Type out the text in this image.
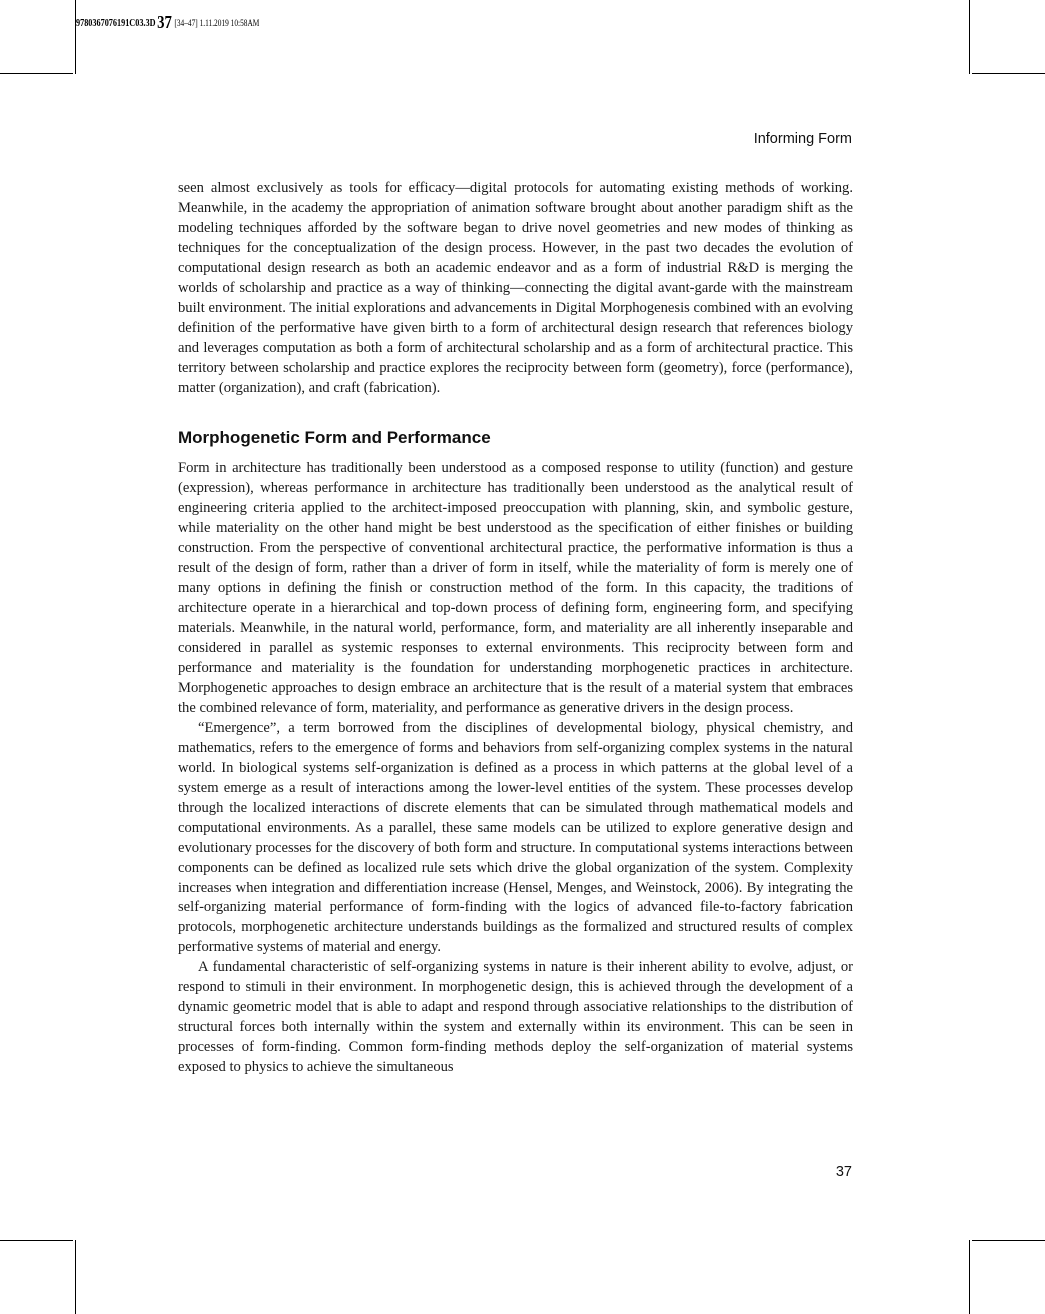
9780367076191C03.3D37 [34–47] 1.11.2019 10:58AM
Informing Form

seen almost exclusively as tools for efficacy—digital protocols for automating existing methods of working. Meanwhile, in the academy the appropriation of animation software brought about another paradigm shift as the modeling techniques afforded by the software began to drive novel geometries and new modes of thinking as techniques for the conceptualization of the design process. However, in the past two decades the evolution of computational design research as both an academic endeavor and as a form of industrial R&D is merging the worlds of scholarship and practice as a way of thinking—connecting the digital avant-garde with the mainstream built environment. The initial explorations and advancements in Digital Morphogenesis combined with an evolving definition of the performative have given birth to a form of architectural design research that references biology and leverages computation as both a form of architectural scholarship and as a form of architectural practice. This territory between scholarship and practice explores the reciprocity between form (geometry), force (performance), matter (organization), and craft (fabrication).

Morphogenetic Form and Performance

Form in architecture has traditionally been understood as a composed response to utility (function) and gesture (expression), whereas performance in architecture has traditionally been understood as the analytical result of engineering criteria applied to the architect-imposed preoccupation with planning, skin, and symbolic gesture, while materiality on the other hand might be best understood as the specification of either finishes or building construction. From the perspective of conventional architectural practice, the performative information is thus a result of the design of form, rather than a driver of form in itself, while the materiality of form is merely one of many options in defining the finish or construction method of the form. In this capacity, the traditions of architecture operate in a hierarchical and top-down process of defining form, engineering form, and specifying materials. Meanwhile, in the natural world, performance, form, and materiality are all inherently inseparable and considered in parallel as systemic responses to external environments. This reciprocity between form and performance and materiality is the foundation for understanding morphogenetic practices in architecture. Morphogenetic approaches to design embrace an architecture that is the result of a material system that embraces the combined relevance of form, materiality, and performance as generative drivers in the design process.

“Emergence”, a term borrowed from the disciplines of developmental biology, physical chemistry, and mathematics, refers to the emergence of forms and behaviors from self-organizing complex systems in the natural world. In biological systems self-organization is defined as a process in which patterns at the global level of a system emerge as a result of interactions among the lower-level entities of the system. These processes develop through the localized interactions of discrete elements that can be simulated through mathematical models and computational environments. As a parallel, these same models can be utilized to explore generative design and evolutionary processes for the discovery of both form and structure. In computational systems interactions between components can be defined as localized rule sets which drive the global organization of the system. Complexity increases when integration and differentiation increase (Hensel, Menges, and Weinstock, 2006). By integrating the self-organizing material performance of form-finding with the logics of advanced file-to-factory fabrication protocols, morphogenetic architecture understands buildings as the formalized and structured results of complex performative systems of material and energy.

A fundamental characteristic of self-organizing systems in nature is their inherent ability to evolve, adjust, or respond to stimuli in their environment. In morphogenetic design, this is achieved through the development of a dynamic geometric model that is able to adapt and respond through associative relationships to the distribution of structural forces both internally within the system and externally within its environment. This can be seen in processes of form-finding. Common form-finding methods deploy the self-organization of material systems exposed to physics to achieve the simultaneous

37
